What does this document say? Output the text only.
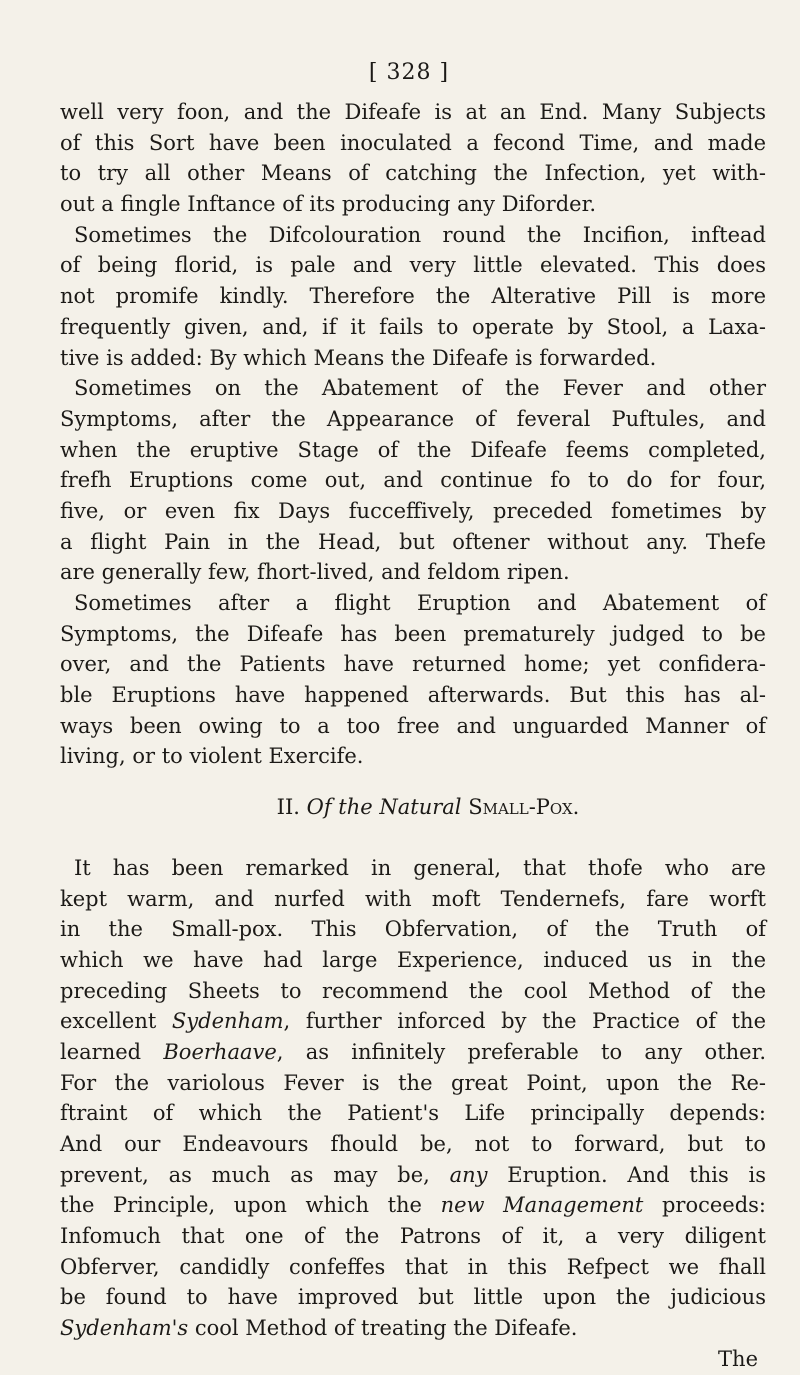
[ 328 ]
well very foon, and the Difeafe is at an End. Many Subjects
of this Sort have been inoculated a fecond Time, and made
to try all other Means of catching the Infection, yet with-
out a fingle Inftance of its producing any Diforder.
Sometimes the Difcolouration round the Incifion, inftead
of being florid, is pale and very little elevated. This does
not promife kindly. Therefore the Alterative Pill is more
frequently given, and, if it fails to operate by Stool, a Laxa-
tive is added: By which Means the Difeafe is forwarded.
Sometimes on the Abatement of the Fever and other
Symptoms, after the Appearance of feveral Puftules, and
when the eruptive Stage of the Difeafe feems completed,
frefh Eruptions come out, and continue fo to do for four,
five, or even fix Days fucceffively, preceded fometimes by
a flight Pain in the Head, but oftener without any. Thefe
are generally few, fhort-lived, and feldom ripen.
Sometimes after a flight Eruption and Abatement of
Symptoms, the Difeafe has been prematurely judged to be
over, and the Patients have returned home; yet confidera-
ble Eruptions have happened afterwards. But this has al-
ways been owing to a too free and unguarded Manner of
living, or to violent Exercife.
II. Of the Natural Small-Pox.
It has been remarked in general, that thofe who are
kept warm, and nurfed with moft Tendernefs, fare worft
in the Small-pox. This Obfervation, of the Truth of
which we have had large Experience, induced us in the
preceding Sheets to recommend the cool Method of the
excellent Sydenham, further inforced by the Practice of the
learned Boerhaave, as infinitely preferable to any other.
For the variolous Fever is the great Point, upon the Re-
ftraint of which the Patient's Life principally depends:
And our Endeavours fhould be, not to forward, but to
prevent, as much as may be, any Eruption. And this is
the Principle, upon which the new Management proceeds:
Infomuch that one of the Patrons of it, a very diligent
Obferver, candidly confeffes that in this Refpect we fhall
be found to have improved but little upon the judicious
Sydenham's cool Method of treating the Difeafe.
The
